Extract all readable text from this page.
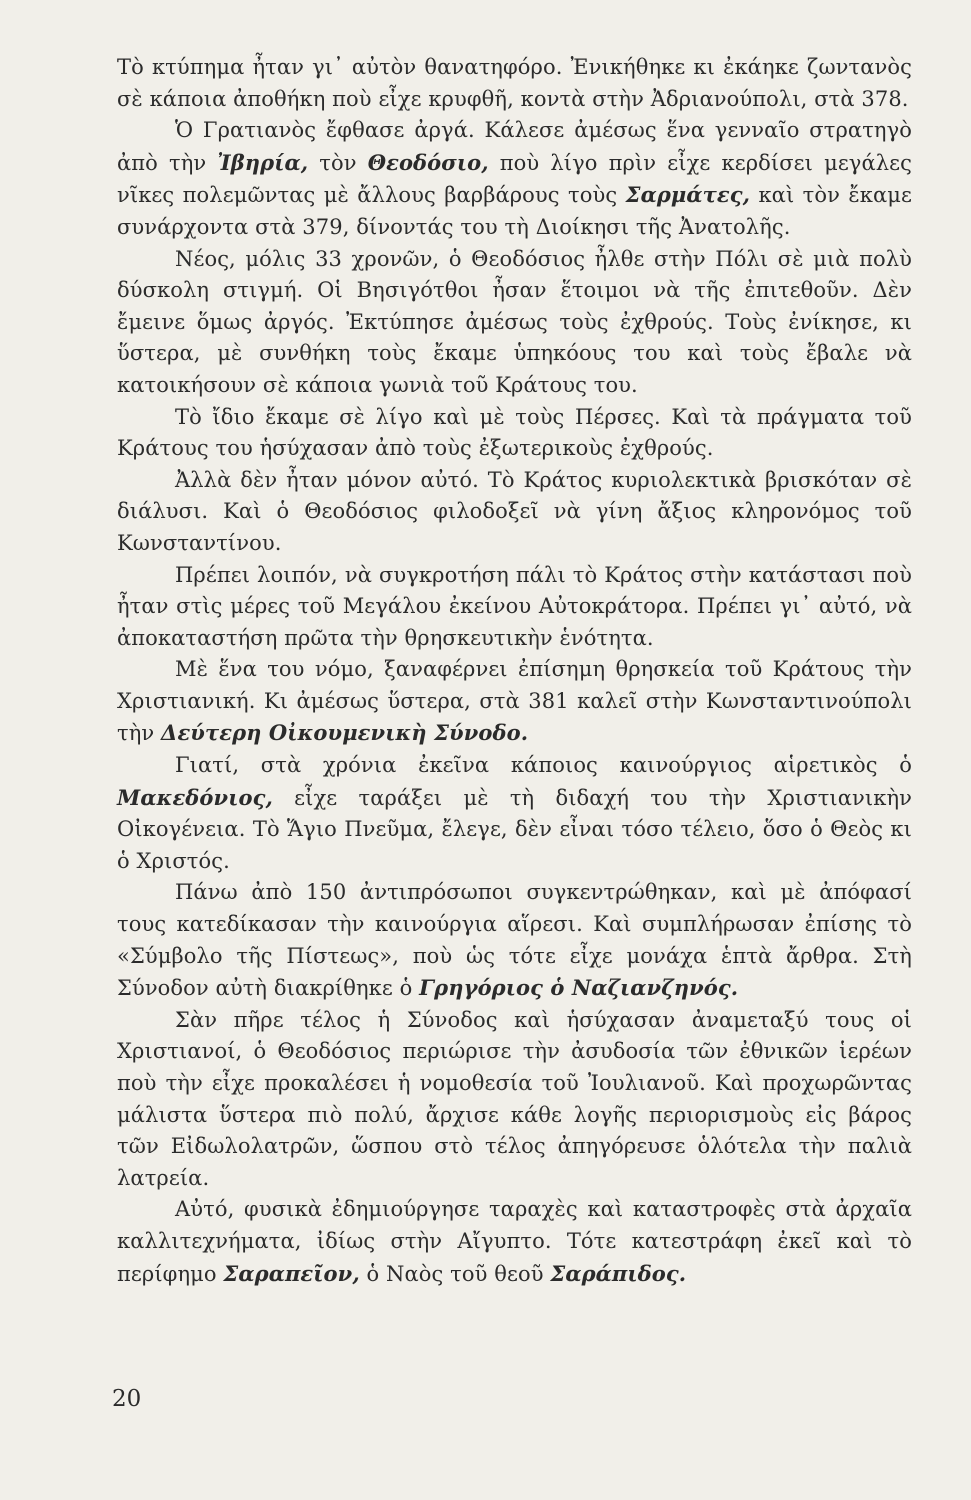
Τὸ κτύπημα ἦταν γι᾽ αὐτὸν θανατηφόρο. Ἐνικήθηκε κι ἐκάηκε ζωντανὸς σὲ κάποια ἀποθήκη ποὺ εἶχε κρυφθῆ, κοντὰ στὴν Ἀδριανούπολι, στὰ 378.

Ὁ Γρατιανὸς ἔφθασε ἀργά. Κάλεσε ἀμέσως ἕνα γενναῖο στρατηγὸ ἀπὸ τὴν Ἰβηρία, τὸν Θεοδόσιο, ποὺ λίγο πρὶν εἶχε κερδίσει μεγάλες νῖκες πολεμῶντας μὲ ἄλλους βαρβάρους τοὺς Σαρμάτες, καὶ τὸν ἔκαμε συνάρχοντα στὰ 379, δίνοντάς του τὴ Διοίκησι τῆς Ἀνατολῆς.

Νέος, μόλις 33 χρονῶν, ὁ Θεοδόσιος ἦλθε στὴν Πόλι σὲ μιὰ πολὺ δύσκολη στιγμή. Οἱ Βησιγότθοι ἦσαν ἕτοιμοι νὰ τῆς ἐπιτεθοῦν. Δὲν ἔμεινε ὅμως ἀργός. Ἐκτύπησε ἀμέσως τοὺς ἐχθρούς. Τοὺς ἐνίκησε, κι ὕστερα, μὲ συνθήκη τοὺς ἔκαμε ὑπηκόους του καὶ τοὺς ἔβαλε νὰ κατοικήσουν σὲ κάποια γωνιὰ τοῦ Κράτους του.

Τὸ ἴδιο ἔκαμε σὲ λίγο καὶ μὲ τοὺς Πέρσες. Καὶ τὰ πράγματα τοῦ Κράτους του ἡσύχασαν ἀπὸ τοὺς ἐξωτερικοὺς ἐχθρούς.

Ἀλλὰ δὲν ἦταν μόνον αὐτό. Τὸ Κράτος κυριολεκτικὰ βρισκόταν σὲ διάλυσι. Καὶ ὁ Θεοδόσιος φιλοδοξεῖ νὰ γίνη ἄξιος κληρονόμος τοῦ Κωνσταντίνου.

Πρέπει λοιπόν, νὰ συγκροτήση πάλι τὸ Κράτος στὴν κατάστασι ποὺ ἦταν στὶς μέρες τοῦ Μεγάλου ἐκείνου Αὐτοκράτορα. Πρέπει γι᾽ αὐτό, νὰ ἀποκαταστήση πρῶτα τὴν θρησκευτικὴν ἑνότητα.

Μὲ ἕνα του νόμο, ξαναφέρνει ἐπίσημη θρησκεία τοῦ Κράτους τὴν Χριστιανική. Κι ἀμέσως ὕστερα, στὰ 381 καλεῖ στὴν Κωνσταντινούπολι τὴν Δεύτερη Οἰκουμενικὴ Σύνοδο.

Γιατί, στὰ χρόνια ἐκεῖνα κάποιος καινούργιος αἱρετικὸς ὁ Μακεδόνιος, εἶχε ταράξει μὲ τὴ διδαχή του τὴν Χριστιανικὴν Οἰκογένεια. Τὸ Ἅγιο Πνεῦμα, ἔλεγε, δὲν εἶναι τόσο τέλειο, ὅσο ὁ Θεὸς κι ὁ Χριστός.

Πάνω ἀπὸ 150 ἀντιπρόσωποι συγκεντρώθηκαν, καὶ μὲ ἀπόφασί τους κατεδίκασαν τὴν καινούργια αἵρεσι. Καὶ συμπλήρωσαν ἐπίσης τὸ «Σύμβολο τῆς Πίστεως», ποὺ ὡς τότε εἶχε μονάχα ἑπτὰ ἄρθρα. Στὴ Σύνοδον αὐτὴ διακρίθηκε ὁ Γρηγόριος ὁ Ναζιανζηνός.

Σὰν πῆρε τέλος ἡ Σύνοδος καὶ ἡσύχασαν ἀναμεταξύ τους οἱ Χριστιανοί, ὁ Θεοδόσιος περιώρισε τὴν ἀσυδοσία τῶν ἐθνικῶν ἱερέων ποὺ τὴν εἶχε προκαλέσει ἡ νομοθεσία τοῦ Ἰουλιανοῦ. Καὶ προχωρῶντας μάλιστα ὕστερα πιὸ πολύ, ἄρχισε κάθε λογῆς περιορισμοὺς εἰς βάρος τῶν Εἰδωλολατρῶν, ὥσπου στὸ τέλος ἀπηγόρευσε ὁλότελα τὴν παλιὰ λατρεία.

Αὐτό, φυσικὰ ἐδημιούργησε ταραχὲς καὶ καταστροφὲς στὰ ἀρχαῖα καλλιτεχνήματα, ἰδίως στὴν Αἴγυπτο. Τότε κατεστράφη ἐκεῖ καὶ τὸ περίφημο Σαραπεῖον, ὁ Ναὸς τοῦ θεοῦ Σαράπιδος.

20
